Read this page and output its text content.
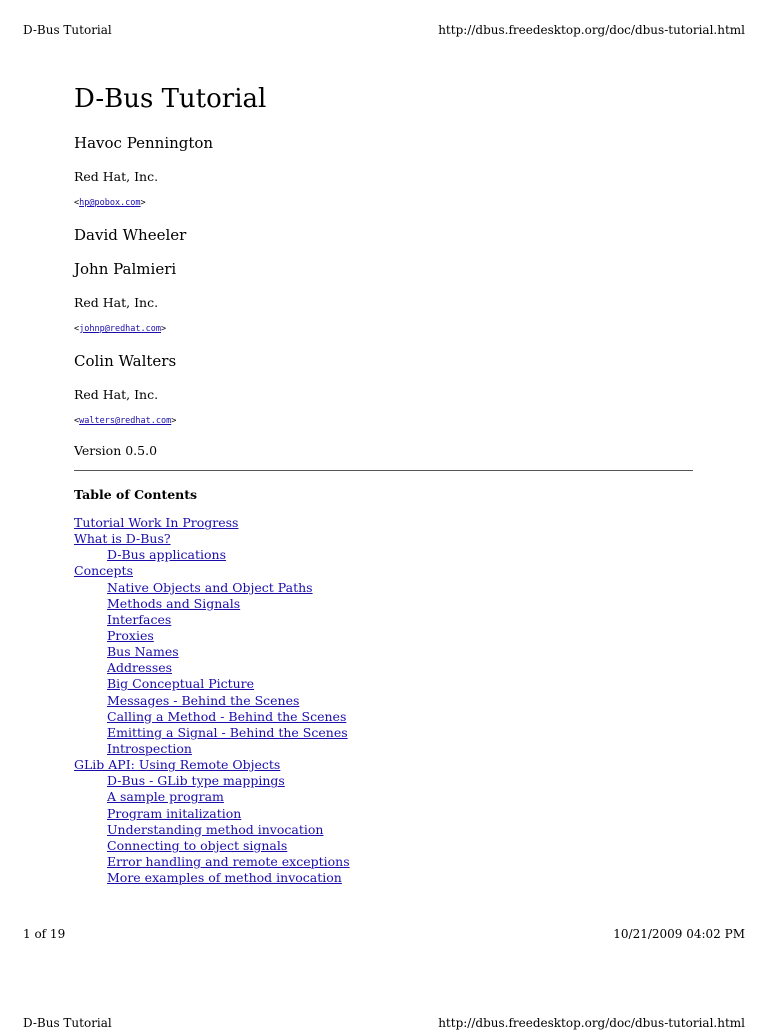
D-Bus Tutorial	http://dbus.freedesktop.org/doc/dbus-tutorial.html
D-Bus Tutorial
Havoc Pennington
Red Hat, Inc.
<hp@pobox.com>
David Wheeler
John Palmieri
Red Hat, Inc.
<johnp@redhat.com>
Colin Walters
Red Hat, Inc.
<walters@redhat.com>
Version 0.5.0
Table of Contents
Tutorial Work In Progress
What is D-Bus?
D-Bus applications
Concepts
Native Objects and Object Paths
Methods and Signals
Interfaces
Proxies
Bus Names
Addresses
Big Conceptual Picture
Messages - Behind the Scenes
Calling a Method - Behind the Scenes
Emitting a Signal - Behind the Scenes
Introspection
GLib API: Using Remote Objects
D-Bus - GLib type mappings
A sample program
Program initalization
Understanding method invocation
Connecting to object signals
Error handling and remote exceptions
More examples of method invocation
1 of 19	10/21/2009 04:02 PM
D-Bus Tutorial	http://dbus.freedesktop.org/doc/dbus-tutorial.html
